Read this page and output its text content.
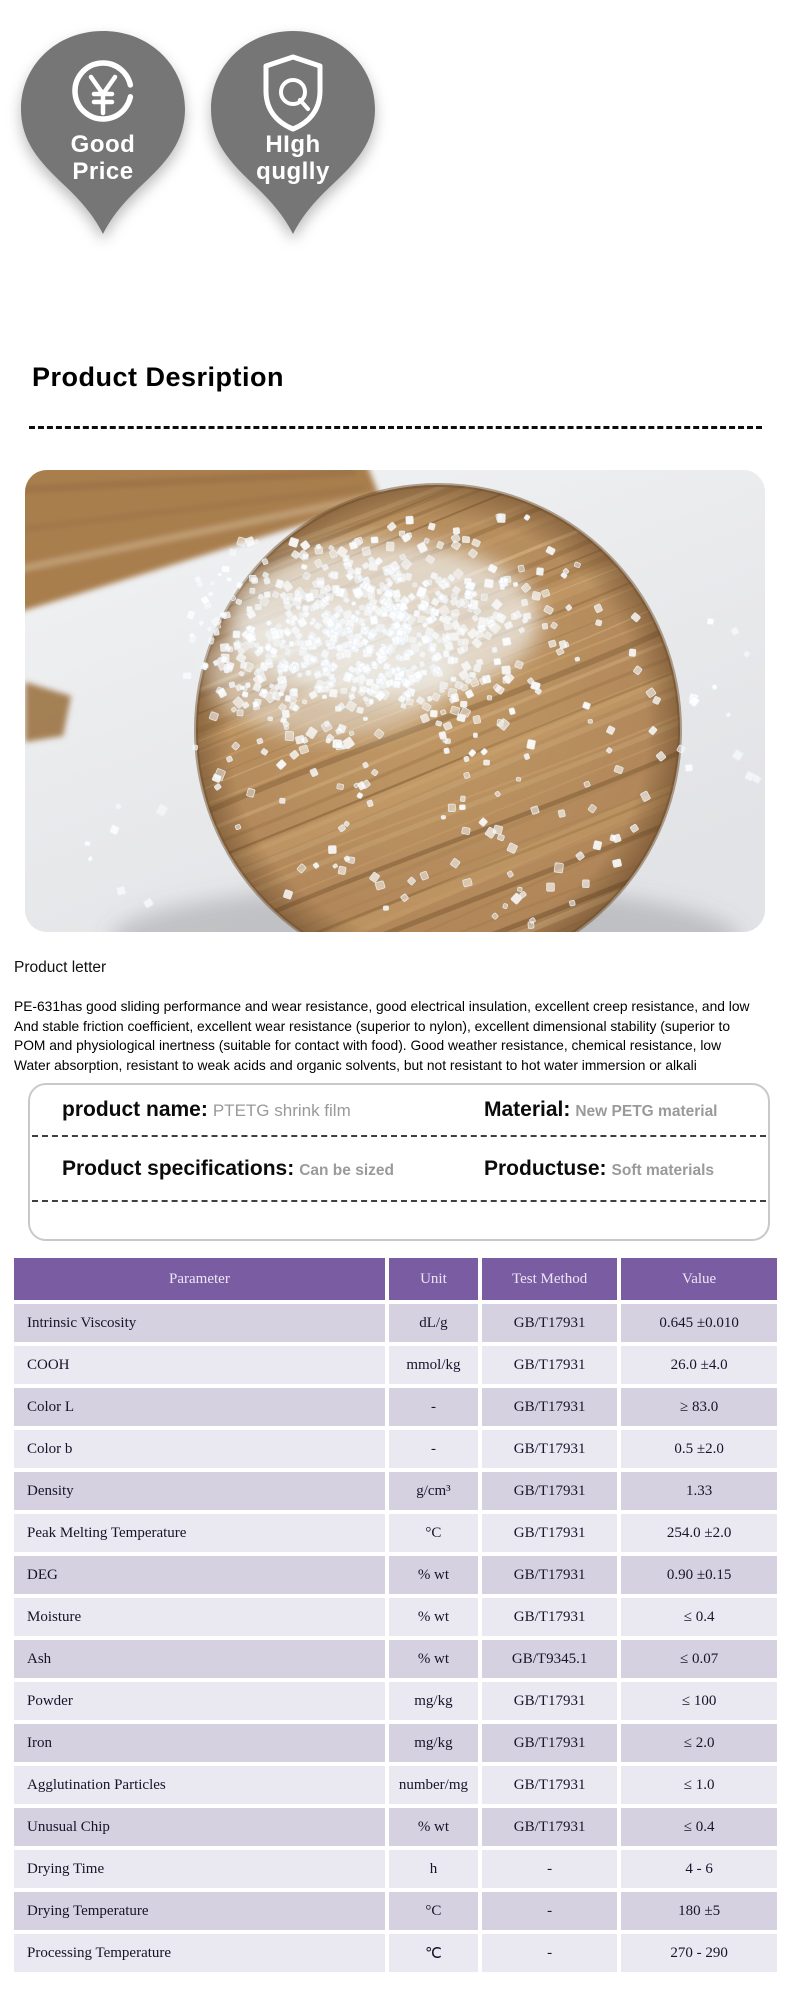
Good
Price
HIgh
quglly
Considerato
service
Timel
deflivery
Product Desription
Product letter
PE-631has good sliding performance and wear resistance, good electrical insulation, excellent creep resistance, and low
And stable friction coefficient, excellent wear resistance (superior to nylon), excellent dimensional stability (superior to
POM and physiological inertness (suitable for contact with food). Good weather resistance, chemical resistance, low
Water absorption, resistant to weak acids and organic solvents, but not resistant to hot water immersion or alkali
product name: PTETG shrink film	Material: New PETG material
Product specifications: Can be sized	Productuse: Soft materials
Parameter	Unit	Test Method	Value
Intrinsic Viscosity	dL/g	GB/T17931	0.645 ±0.010
COOH	mmol/kg	GB/T17931	26.0 ±4.0
Color L	-	GB/T17931	≥ 83.0
Color b	-	GB/T17931	0.5 ±2.0
Density	g/cm³	GB/T17931	1.33
Peak Melting Temperature	°C	GB/T17931	254.0 ±2.0
DEG	% wt	GB/T17931	0.90 ±0.15
Moisture	% wt	GB/T17931	≤ 0.4
Ash	% wt	GB/T9345.1	≤ 0.07
Powder	mg/kg	GB/T17931	≤ 100
Iron	mg/kg	GB/T17931	≤ 2.0
Agglutination Particles	number/mg	GB/T17931	≤ 1.0
Unusual Chip	% wt	GB/T17931	≤ 0.4
Drying Time	h	-	4 - 6
Drying Temperature	°C	-	180 ±5
Processing Temperature	℃	-	270 - 290
